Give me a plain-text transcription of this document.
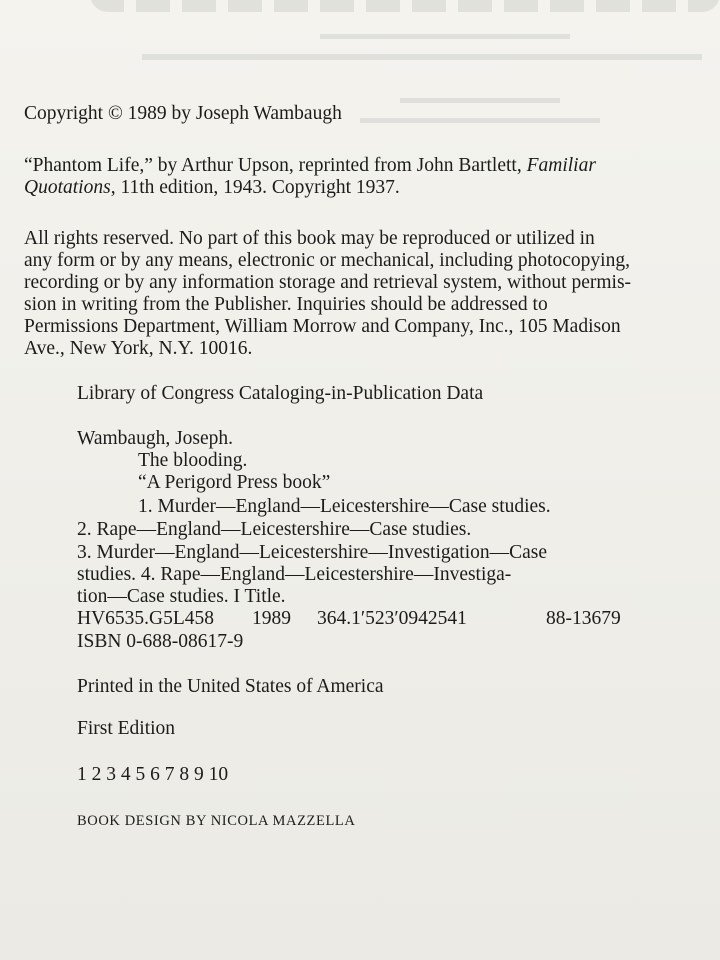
Copyright © 1989 by Joseph Wambaugh

“Phantom Life,” by Arthur Upson, reprinted from John Bartlett, Familiar

Quotations, 11th edition, 1943. Copyright 1937.

All rights reserved. No part of this book may be reproduced or utilized in

any form or by any means, electronic or mechanical, including photocopying,

recording or by any information storage and retrieval system, without permis-

sion in writing from the Publisher. Inquiries should be addressed to

Permissions Department, William Morrow and Company, Inc., 105 Madison

Ave., New York, N.Y. 10016.

Library of Congress Cataloging-in-Publication Data

Wambaugh, Joseph.

The blooding.

“A Perigord Press book”

1. Murder—England—Leicestershire—Case studies.

2. Rape—England—Leicestershire—Case studies.

3. Murder—England—Leicestershire—Investigation—Case

studies. 4. Rape—England—Leicestershire—Investiga-

tion—Case studies. I Title.

HV6535.G5L458 1989 364.1′523′0942541	88-13679

ISBN 0-688-08617-9

Printed in the United States of America

First Edition

1 2 3 4 5 6 7 8 9 10

BOOK DESIGN BY NICOLA MAZZELLA
